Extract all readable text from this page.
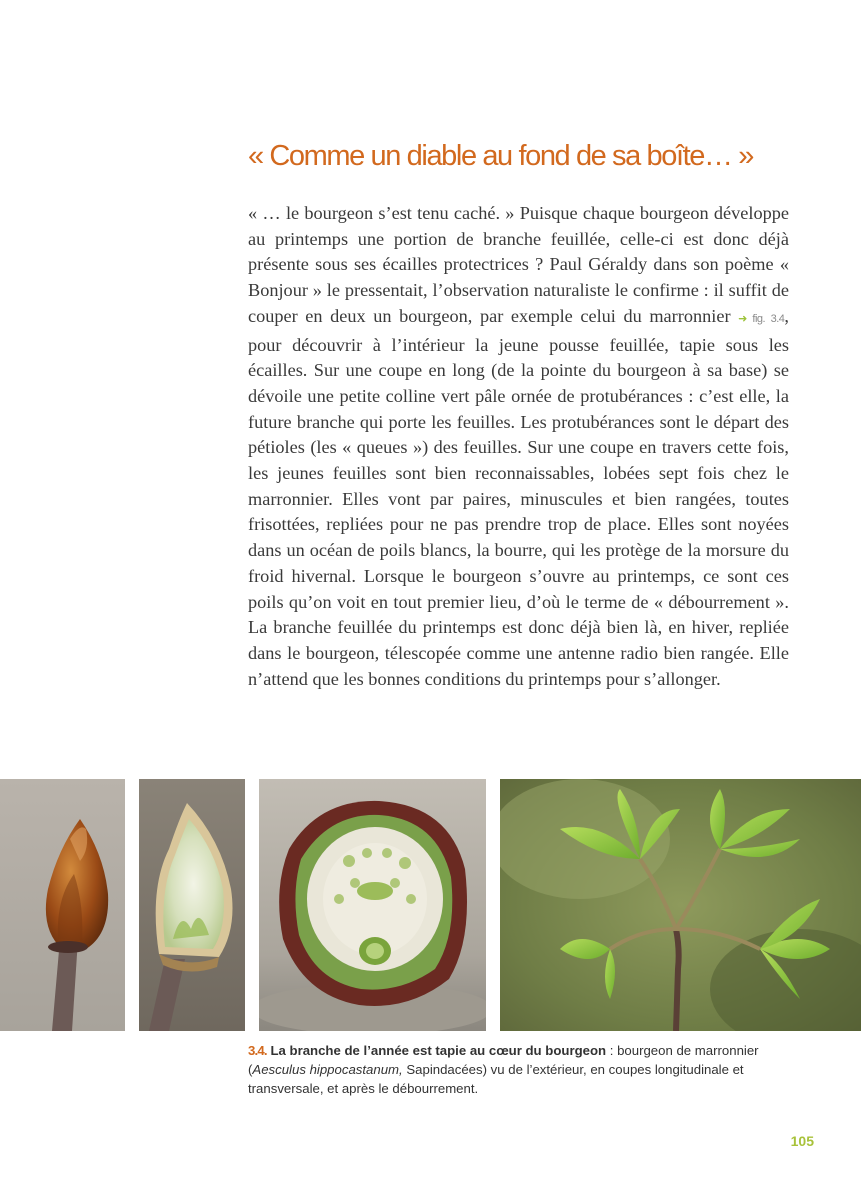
« Comme un diable au fond de sa boîte… »

« … le bourgeon s’est tenu caché. » Puisque chaque bourgeon développe au printemps une portion de branche feuillée, celle-ci est donc déjà présente sous ses écailles protectrices ? Paul Géraldy dans son poème « Bonjour » le pressentait, l’observation naturaliste le confirme : il suffit de couper en deux un bourgeon, par exemple celui du marronnier ➜ fig. 3.4, pour découvrir à l’intérieur la jeune pousse feuillée, tapie sous les écailles. Sur une coupe en long (de la pointe du bourgeon à sa base) se dévoile une petite colline vert pâle ornée de protubérances : c’est elle, la future branche qui porte les feuilles. Les protubérances sont le départ des pétioles (les « queues ») des feuilles. Sur une coupe en travers cette fois, les jeunes feuilles sont bien reconnaissables, lobées sept fois chez le marronnier. Elles vont par paires, minuscules et bien rangées, toutes frisottées, repliées pour ne pas prendre trop de place. Elles sont noyées dans un océan de poils blancs, la bourre, qui les protège de la morsure du froid hivernal. Lorsque le bourgeon s’ouvre au printemps, ce sont ces poils qu’on voit en tout premier lieu, d’où le terme de « débourrement ». La branche feuillée du printemps est donc déjà bien là, en hiver, repliée dans le bourgeon, télescopée comme une antenne radio bien rangée. Elle n’attend que les bonnes conditions du printemps pour s’allonger.

3.4. La branche de l’année est tapie au cœur du bourgeon : bourgeon de marronnier (Aesculus hippocastanum, Sapindacées) vu de l’extérieur, en coupes longitudinale et transversale, et après le débourrement.
105
